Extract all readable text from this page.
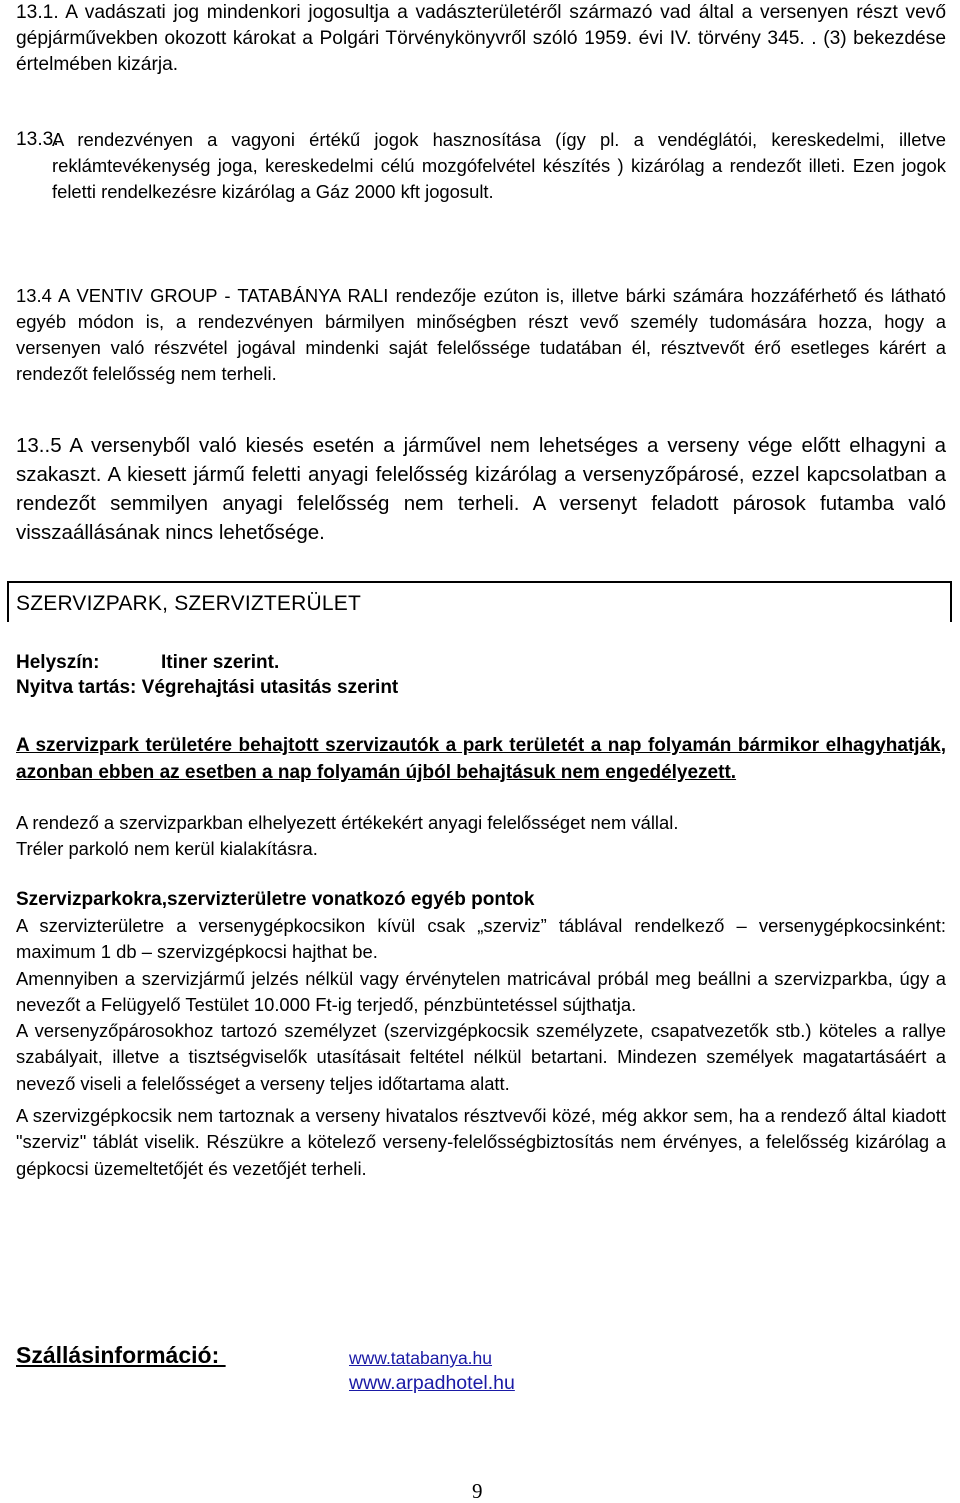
13.1. A vadászati jog mindenkori jogosultja a vadászterületéről származó vad által a versenyen részt vevő gépjárművekben okozott károkat a Polgári Törvénykönyvről szóló 1959. évi IV. törvény 345. . (3) bekezdése értelmében kizárja.

13.3.

A rendezvényen a vagyoni értékű jogok hasznosítása (így pl. a vendéglátói, kereskedelmi, illetve reklámtevékenység joga, kereskedelmi célú mozgófelvétel készítés ) kizárólag a rendezőt illeti. Ezen jogok feletti rendelkezésre kizárólag a Gáz 2000 kft jogosult.

13.4 A VENTIV GROUP - TATABÁNYA RALI rendezője ezúton is, illetve bárki számára hozzáférhető és látható egyéb módon is, a rendezvényen bármilyen minőségben részt vevő személy tudomására hozza, hogy a versenyen való részvétel jogával mindenki saját felelőssége tudatában él, résztvevőt érő esetleges kárért a rendezőt felelősség nem terheli.

13..5 A versenyből való kiesés esetén a járművel nem lehetséges a verseny vége előtt elhagyni a szakaszt. A kiesett jármű feletti anyagi felelősség kizárólag a versenyzőpárosé, ezzel kapcsolatban a rendezőt semmilyen anyagi felelősség nem terheli. A versenyt feladott párosok futamba való visszaállásának nincs lehetősége.

SZERVIZPARK, SZERVIZTERÜLET
Helyszín:	Itiner szerint.
Nyitva tartás: Végrehajtási utasitás szerint

A szervizpark területére behajtott szervizautók a park területét a nap folyamán bármikor elhagyhatják, azonban ebben az esetben a nap folyamán újból behajtásuk nem engedélyezett.

A rendező a szervizparkban elhelyezett értékekért anyagi felelősséget nem vállal.
Tréler parkoló nem kerül kialakításra.
Szervizparkokra,szervizterületre vonatkozó egyéb pontok

A szervizterületre a versenygépkocsikon kívül csak „szerviz” táblával rendelkező – versenygépkocsinként: maximum 1 db – szervizgépkocsi hajthat be.

Amennyiben a szervizjármű jelzés nélkül vagy érvénytelen matricával próbál meg beállni a szervizparkba, úgy a nevezőt a Felügyelő Testület 10.000 Ft-ig terjedő, pénzbüntetéssel sújthatja.

A versenyzőpárosokhoz tartozó személyzet (szervizgépkocsik személyzete, csapatvezetők stb.) köteles a rallye szabályait, illetve a tisztségviselők utasításait feltétel nélkül betartani. Mindezen személyek magatartásáért a nevező viseli a felelősséget a verseny teljes időtartama alatt.

A szervizgépkocsik nem tartoznak a verseny hivatalos résztvevői közé, még akkor sem, ha a rendező által kiadott "szerviz" táblát viselik. Részükre a kötelező verseny-felelősségbiztosítás nem érvényes, a felelősség kizárólag a gépkocsi üzemeltetőjét és vezetőjét terheli.

Szállásinformáció:	www.tatabanya.hu
www.arpadhotel.hu
9
